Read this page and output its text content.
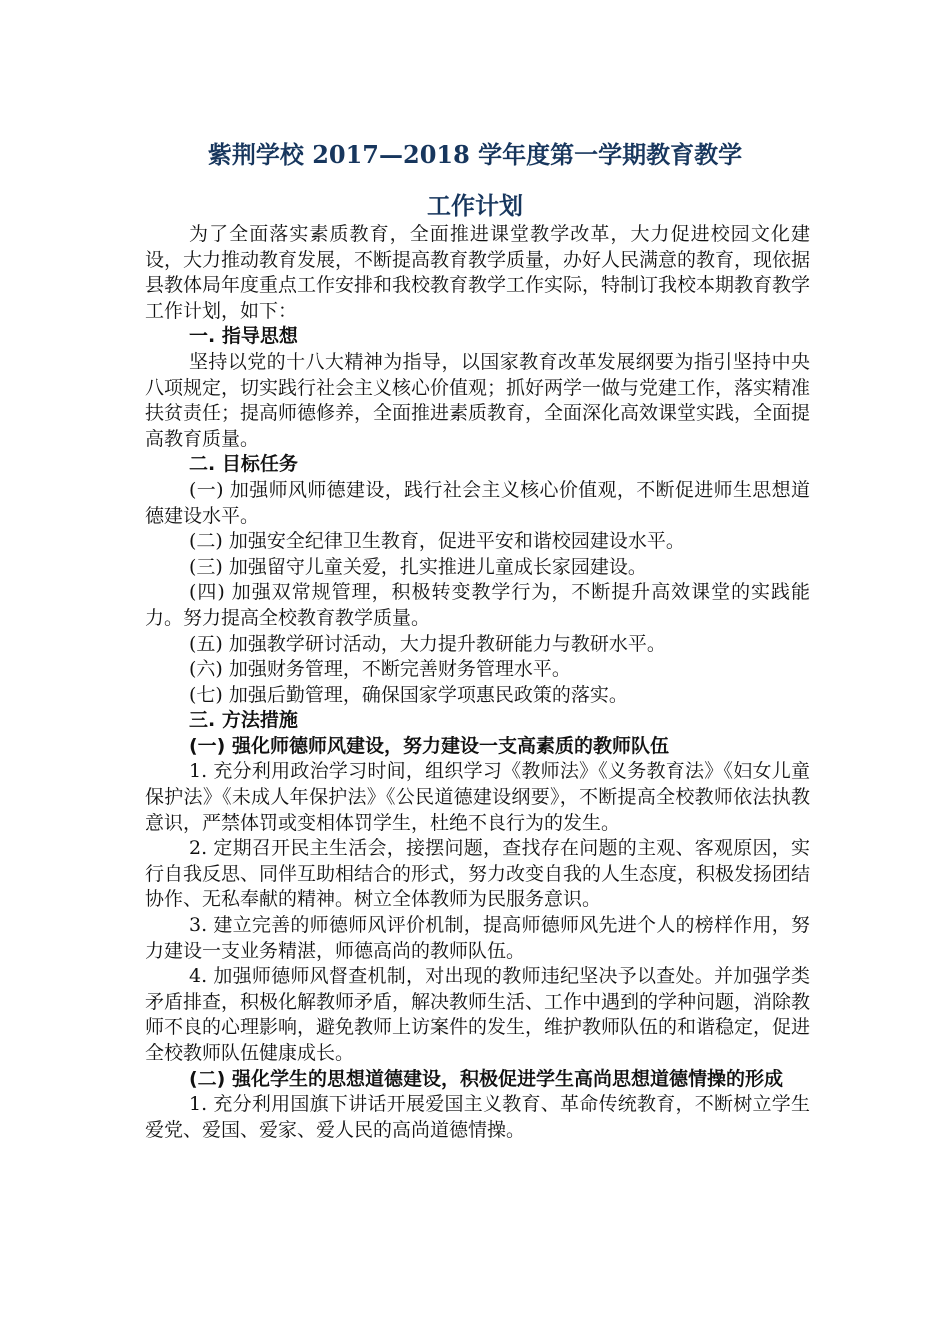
紫荆学校 2017—2018 学年度第一学期教育教学
工作计划

为了全面落实素质教育，全面推进课堂教学改革，大力促进校园文化建设，大力推动教育发展，不断提高教育教学质量，办好人民满意的教育，现依据县教体局年度重点工作安排和我校教育教学工作实际，特制订我校本期教育教学工作计划，如下：

一. 指导思想

坚持以党的十八大精神为指导，以国家教育改革发展纲要为指引坚持中央八项规定，切实践行社会主义核心价值观；抓好两学一做与党建工作，落实精准扶贫责任；提高师德修养，全面推进素质教育，全面深化高效课堂实践，全面提高教育质量。

二. 目标任务

(一) 加强师风师德建设，践行社会主义核心价值观，不断促进师生思想道德建设水平。

(二) 加强安全纪律卫生教育，促进平安和谐校园建设水平。

(三) 加强留守儿童关爱，扎实推进儿童成长家园建设。

(四) 加强双常规管理，积极转变教学行为，不断提升高效课堂的实践能力。努力提高全校教育教学质量。

(五) 加强教学研讨活动，大力提升教研能力与教研水平。

(六) 加强财务管理，不断完善财务管理水平。

(七) 加强后勤管理，确保国家学项惠民政策的落实。

三. 方法措施

(一) 强化师德师风建设，努力建设一支高素质的教师队伍

1. 充分利用政治学习时间，组织学习《教师法》《义务教育法》《妇女儿童保护法》《未成人年保护法》《公民道德建设纲要》，不断提高全校教师依法执教意识，严禁体罚或变相体罚学生，杜绝不良行为的发生。

2. 定期召开民主生活会，接摆问题，查找存在问题的主观、客观原因，实行自我反思、同伴互助相结合的形式，努力改变自我的人生态度，积极发扬团结协作、无私奉献的精神。树立全体教师为民服务意识。

3. 建立完善的师德师风评价机制，提高师德师风先进个人的榜样作用，努力建设一支业务精湛，师德高尚的教师队伍。

4. 加强师德师风督查机制，对出现的教师违纪坚决予以查处。并加强学类矛盾排查，积极化解教师矛盾，解决教师生活、工作中遇到的学种问题，消除教师不良的心理影响，避免教师上访案件的发生，维护教师队伍的和谐稳定，促进全校教师队伍健康成长。

(二) 强化学生的思想道德建设，积极促进学生高尚思想道德情操的形成

1. 充分利用国旗下讲话开展爱国主义教育、革命传统教育，不断树立学生爱党、爱国、爱家、爱人民的高尚道德情操。
